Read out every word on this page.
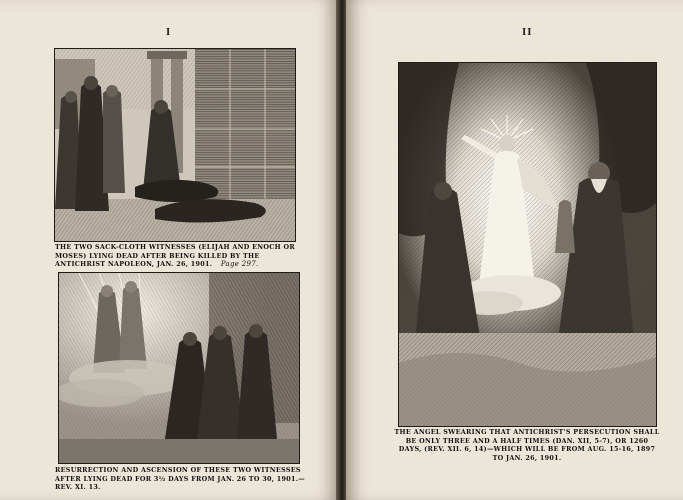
I
THE TWO SACK-CLOTH WITNESSES (ELIJAH AND ENOCH OR MOSES) LYING DEAD AFTER BEING KILLED BY THE ANTICHRIST NAPOLEON, JAN. 26, 1901. Page 297.
RESURRECTION AND ASCENSION OF THESE TWO WITNESSES AFTER LYING DEAD FOR 3½ DAYS FROM JAN. 26 TO 30, 1901.—REV. XI. 13.
II
THE ANGEL SWEARING THAT ANTICHRIST'S PERSECUTION SHALL BE ONLY THREE AND A HALF TIMES (DAN. XII, 5-7), OR 1260 DAYS, (REV. XII. 6, 14)—WHICH WILL BE FROM AUG. 15-16, 1897 TO JAN. 26, 1901.
